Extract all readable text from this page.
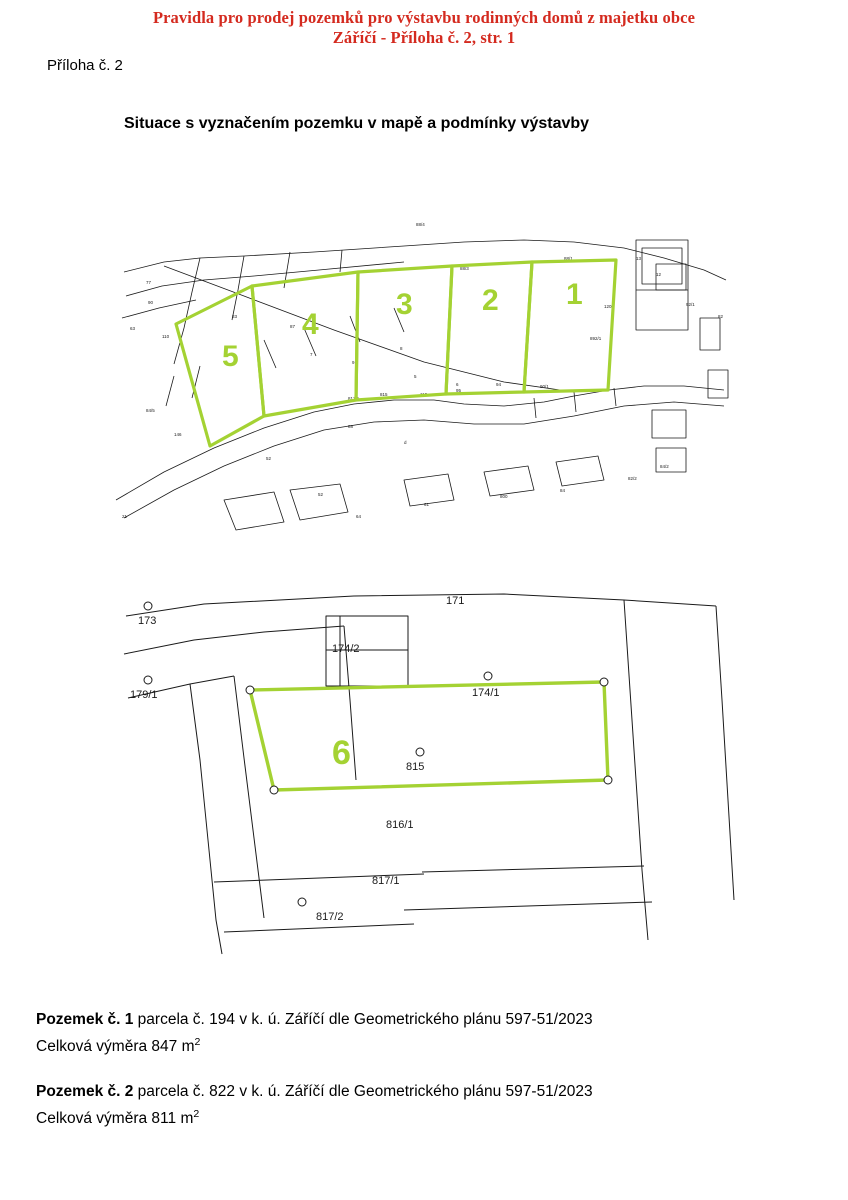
Pravidla pro prodej pozemků pro výstavbu rodinných domů z majetku obce
Záříčí - Příloha č. 2, str. 1
Příloha č. 2
Situace s vyznačením pozemku v mapě a podmínky výstavby
88/4
77
90
63
110
83
87
7
9
8
5
6
817/1
815	110
95
94	90/1
88
d
52
52
64
61
800
84
82/2
84/2
21
120
892/1
92/1
82
84/5
146
13
12
88/1
88/3
1
2
3
4
5
173
179/1
171
174/2
174/1
815
816/1
817/1
817/2
6
Pozemek č. 1 parcela č. 194 v k. ú. Záříčí dle Geometrického plánu 597-51/2023
Celková výměra 847 $m^2$
Pozemek č. 2 parcela č. 822 v k. ú. Záříčí dle Geometrického plánu 597-51/2023
Celková výměra 811 $m^2$
